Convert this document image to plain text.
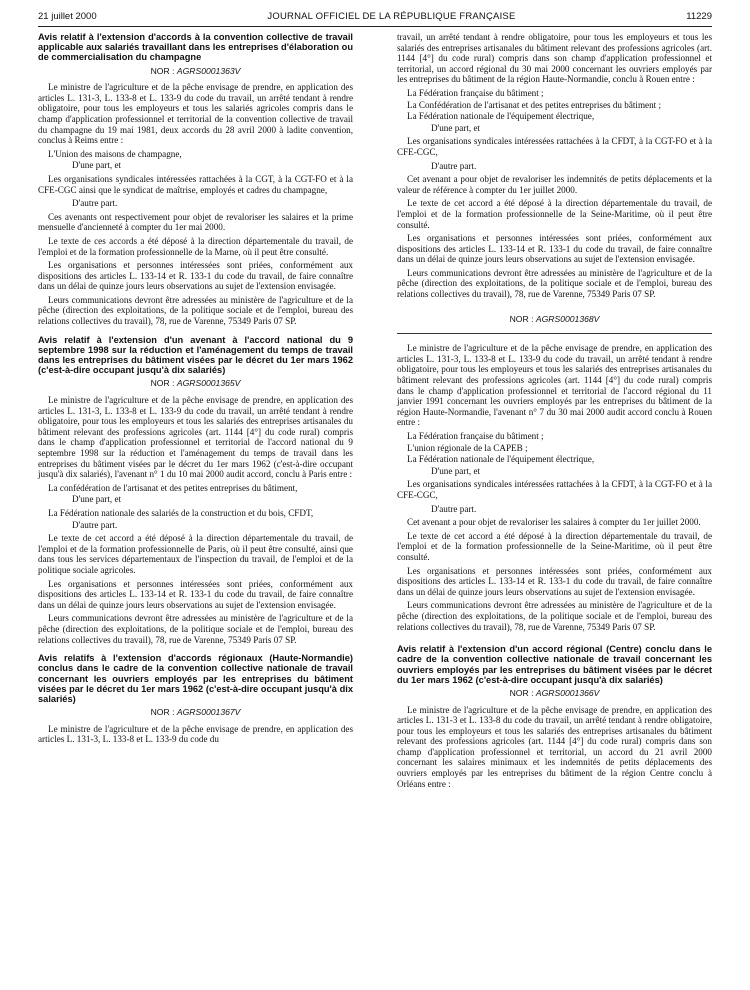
21 juillet 2000	JOURNAL OFFICIEL DE LA RÉPUBLIQUE FRANÇAISE	11229
Avis relatif à l'extension d'accords à la convention collective de travail applicable aux salariés travaillant dans les entreprises d'élaboration ou de commercialisation du champagne
NOR : AGRS0001363V

Le ministre de l'agriculture et de la pêche envisage de prendre, en application des articles L. 131-3, L. 133-8 et L. 133-9 du code du travail, un arrêté tendant à rendre obligatoire, pour tous les employeurs et tous les salariés agricoles compris dans le champ d'application professionnel et territorial de la convention collective de travail du champagne du 19 mai 1981, deux accords du 28 avril 2000 à ladite convention, conclus à Reims entre :

L'Union des maisons de champagne,

D'une part, et

Les organisations syndicales intéressées rattachées à la CGT, à la CGT-FO et à la CFE-CGC ainsi que le syndicat de maîtrise, employés et cadres du champagne,

D'autre part.

Ces avenants ont respectivement pour objet de revaloriser les salaires et la prime mensuelle d'ancienneté à compter du 1er mai 2000.

Le texte de ces accords a été déposé à la direction départementale du travail, de l'emploi et de la formation professionnelle de la Marne, où il peut être consulté.

Les organisations et personnes intéressées sont priées, conformément aux dispositions des articles L. 133-14 et R. 133-1 du code du travail, de faire connaître dans un délai de quinze jours leurs observations au sujet de l'extension envisagée.

Leurs communications devront être adressées au ministère de l'agriculture et de la pêche (direction des exploitations, de la politique sociale et de l'emploi, bureau des relations collectives du travail), 78, rue de Varenne, 75349 Paris 07 SP.

Avis relatif à l'extension d'un avenant à l'accord national du 9 septembre 1998 sur la réduction et l'aménagement du temps de travail dans les entreprises du bâtiment visées par le décret du 1er mars 1962 (c'est-à-dire occupant jusqu'à dix salariés)
NOR : AGRS0001365V

Le ministre de l'agriculture et de la pêche envisage de prendre, en application des articles L. 131-3, L. 133-8 et L. 133-9 du code du travail, un arrêté tendant à rendre obligatoire, pour tous les employeurs et tous les salariés des entreprises artisanales du bâtiment relevant des professions agricoles (art. 1144 [4°] du code rural) compris dans le champ d'application professionnel et territorial de l'accord national du 9 septembre 1998 sur la réduction et l'aménagement du temps de travail dans les entreprises du bâtiment visées par le décret du 1er mars 1962 (c'est-à-dire occupant jusqu'à dix salariés), l'avenant n° 1 du 10 mai 2000 audit accord, conclu à Paris entre :

La confédération de l'artisanat et des petites entreprises du bâtiment,

D'une part, et

La Fédération nationale des salariés de la construction et du bois, CFDT,

D'autre part.

Le texte de cet accord a été déposé à la direction départementale du travail, de l'emploi et de la formation professionnelle de Paris, où il peut être consulté, ainsi que dans tous les services départementaux de l'inspection du travail, de l'emploi et de la politique sociale agricoles.

Les organisations et personnes intéressées sont priées, conformément aux dispositions des articles L. 133-14 et R. 133-1 du code du travail, de faire connaître dans un délai de quinze jours leurs observations au sujet de l'extension envisagée.

Leurs communications devront être adressées au ministère de l'agriculture et de la pêche (direction des exploitations, de la politique sociale et de l'emploi, bureau des relations collectives du travail), 78, rue de Varenne, 75349 Paris 07 SP.

Avis relatifs à l'extension d'accords régionaux (Haute-Normandie) conclus dans le cadre de la convention collective nationale de travail concernant les ouvriers employés par les entreprises du bâtiment visées par le décret du 1er mars 1962 (c'est-à-dire occupant jusqu'à dix salariés)
NOR : AGRS0001367V

Le ministre de l'agriculture et de la pêche envisage de prendre, en application des articles L. 131-3, L. 133-8 et L. 133-9 du code du

travail, un arrêté tendant à rendre obligatoire, pour tous les employeurs et tous les salariés des entreprises artisanales du bâtiment relevant des professions agricoles (art. 1144 [4°] du code rural) compris dans son champ d'application professionnel et territorial, un accord régional du 30 mai 2000 concernant les ouvriers employés par les entreprises du bâtiment de la région Haute-Normandie, conclu à Rouen entre :

La Fédération française du bâtiment ;

La Confédération de l'artisanat et des petites entreprises du bâtiment ;

La Fédération nationale de l'équipement électrique,

D'une part, et

Les organisations syndicales intéressées rattachées à la CFDT, à la CGT-FO et à la CFE-CGC,

D'autre part.

Cet avenant a pour objet de revaloriser les indemnités de petits déplacements et la valeur de référence à compter du 1er juillet 2000.

Le texte de cet accord a été déposé à la direction départementale du travail, de l'emploi et de la formation professionnelle de la Seine-Maritime, où il peut être consulté.

Les organisations et personnes intéressées sont priées, conformément aux dispositions des articles L. 133-14 et R. 133-1 du code du travail, de faire connaître dans un délai de quinze jours leurs observations au sujet de l'extension envisagée.

Leurs communications devront être adressées au ministère de l'agriculture et de la pêche (direction des exploitations, de la politique sociale et de l'emploi, bureau des relations collectives du travail), 78, rue de Varenne, 75349 Paris 07 SP.

NOR : AGRS0001368V

Le ministre de l'agriculture et de la pêche envisage de prendre, en application des articles L. 131-3, L. 133-8 et L. 133-9 du code du travail, un arrêté tendant à rendre obligatoire, pour tous les employeurs et tous les salariés des entreprises artisanales du bâtiment relevant des professions agricoles (art. 1144 [4°] du code rural) compris dans le champ d'application professionnel et territorial de l'accord régional du 11 janvier 1991 concernant les ouvriers employés par les entreprises du bâtiment de la région Haute-Normandie, l'avenant n° 7 du 30 mai 2000 audit accord conclu à Rouen entre :

La Fédération française du bâtiment ;

L'union régionale de la CAPEB ;

La Fédération nationale de l'équipement électrique,

D'une part, et

Les organisations syndicales intéressées rattachées à la CFDT, à la CGT-FO et à la CFE-CGC,

D'autre part.

Cet avenant a pour objet de revaloriser les salaires à compter du 1er juillet 2000.

Le texte de cet accord a été déposé à la direction départementale du travail, de l'emploi et de la formation professionnelle de la Seine-Maritime, où il peut être consulté.

Les organisations et personnes intéressées sont priées, conformément aux dispositions des articles L. 133-14 et R. 133-1 du code du travail, de faire connaître dans un délai de quinze jours leurs observations au sujet de l'extension envisagée.

Leurs communications devront être adressées au ministère de l'agriculture et de la pêche (direction des exploitations, de la politique sociale et de l'emploi, bureau des relations collectives du travail), 78, rue de Varenne, 75349 Paris 07 SP.

Avis relatif à l'extension d'un accord régional (Centre) conclu dans le cadre de la convention collective nationale de travail concernant les ouvriers employés par les entreprises du bâtiment visées par le décret du 1er mars 1962 (c'est-à-dire occupant jusqu'à dix salariés)
NOR : AGRS0001366V

Le ministre de l'agriculture et de la pêche envisage de prendre, en application des articles L. 131-3 et L. 133-8 du code du travail, un arrêté tendant à rendre obligatoire, pour tous les employeurs et tous les salariés des entreprises artisanales du bâtiment relevant des professions agricoles (art. 1144 [4°] du code rural) compris dans son champ d'application professionnel et territorial, un accord du 21 avril 2000 concernant les salaires minimaux et les indemnités de petits déplacements des ouvriers employés par les entreprises du bâtiment de la région Centre conclu à Orléans entre :
